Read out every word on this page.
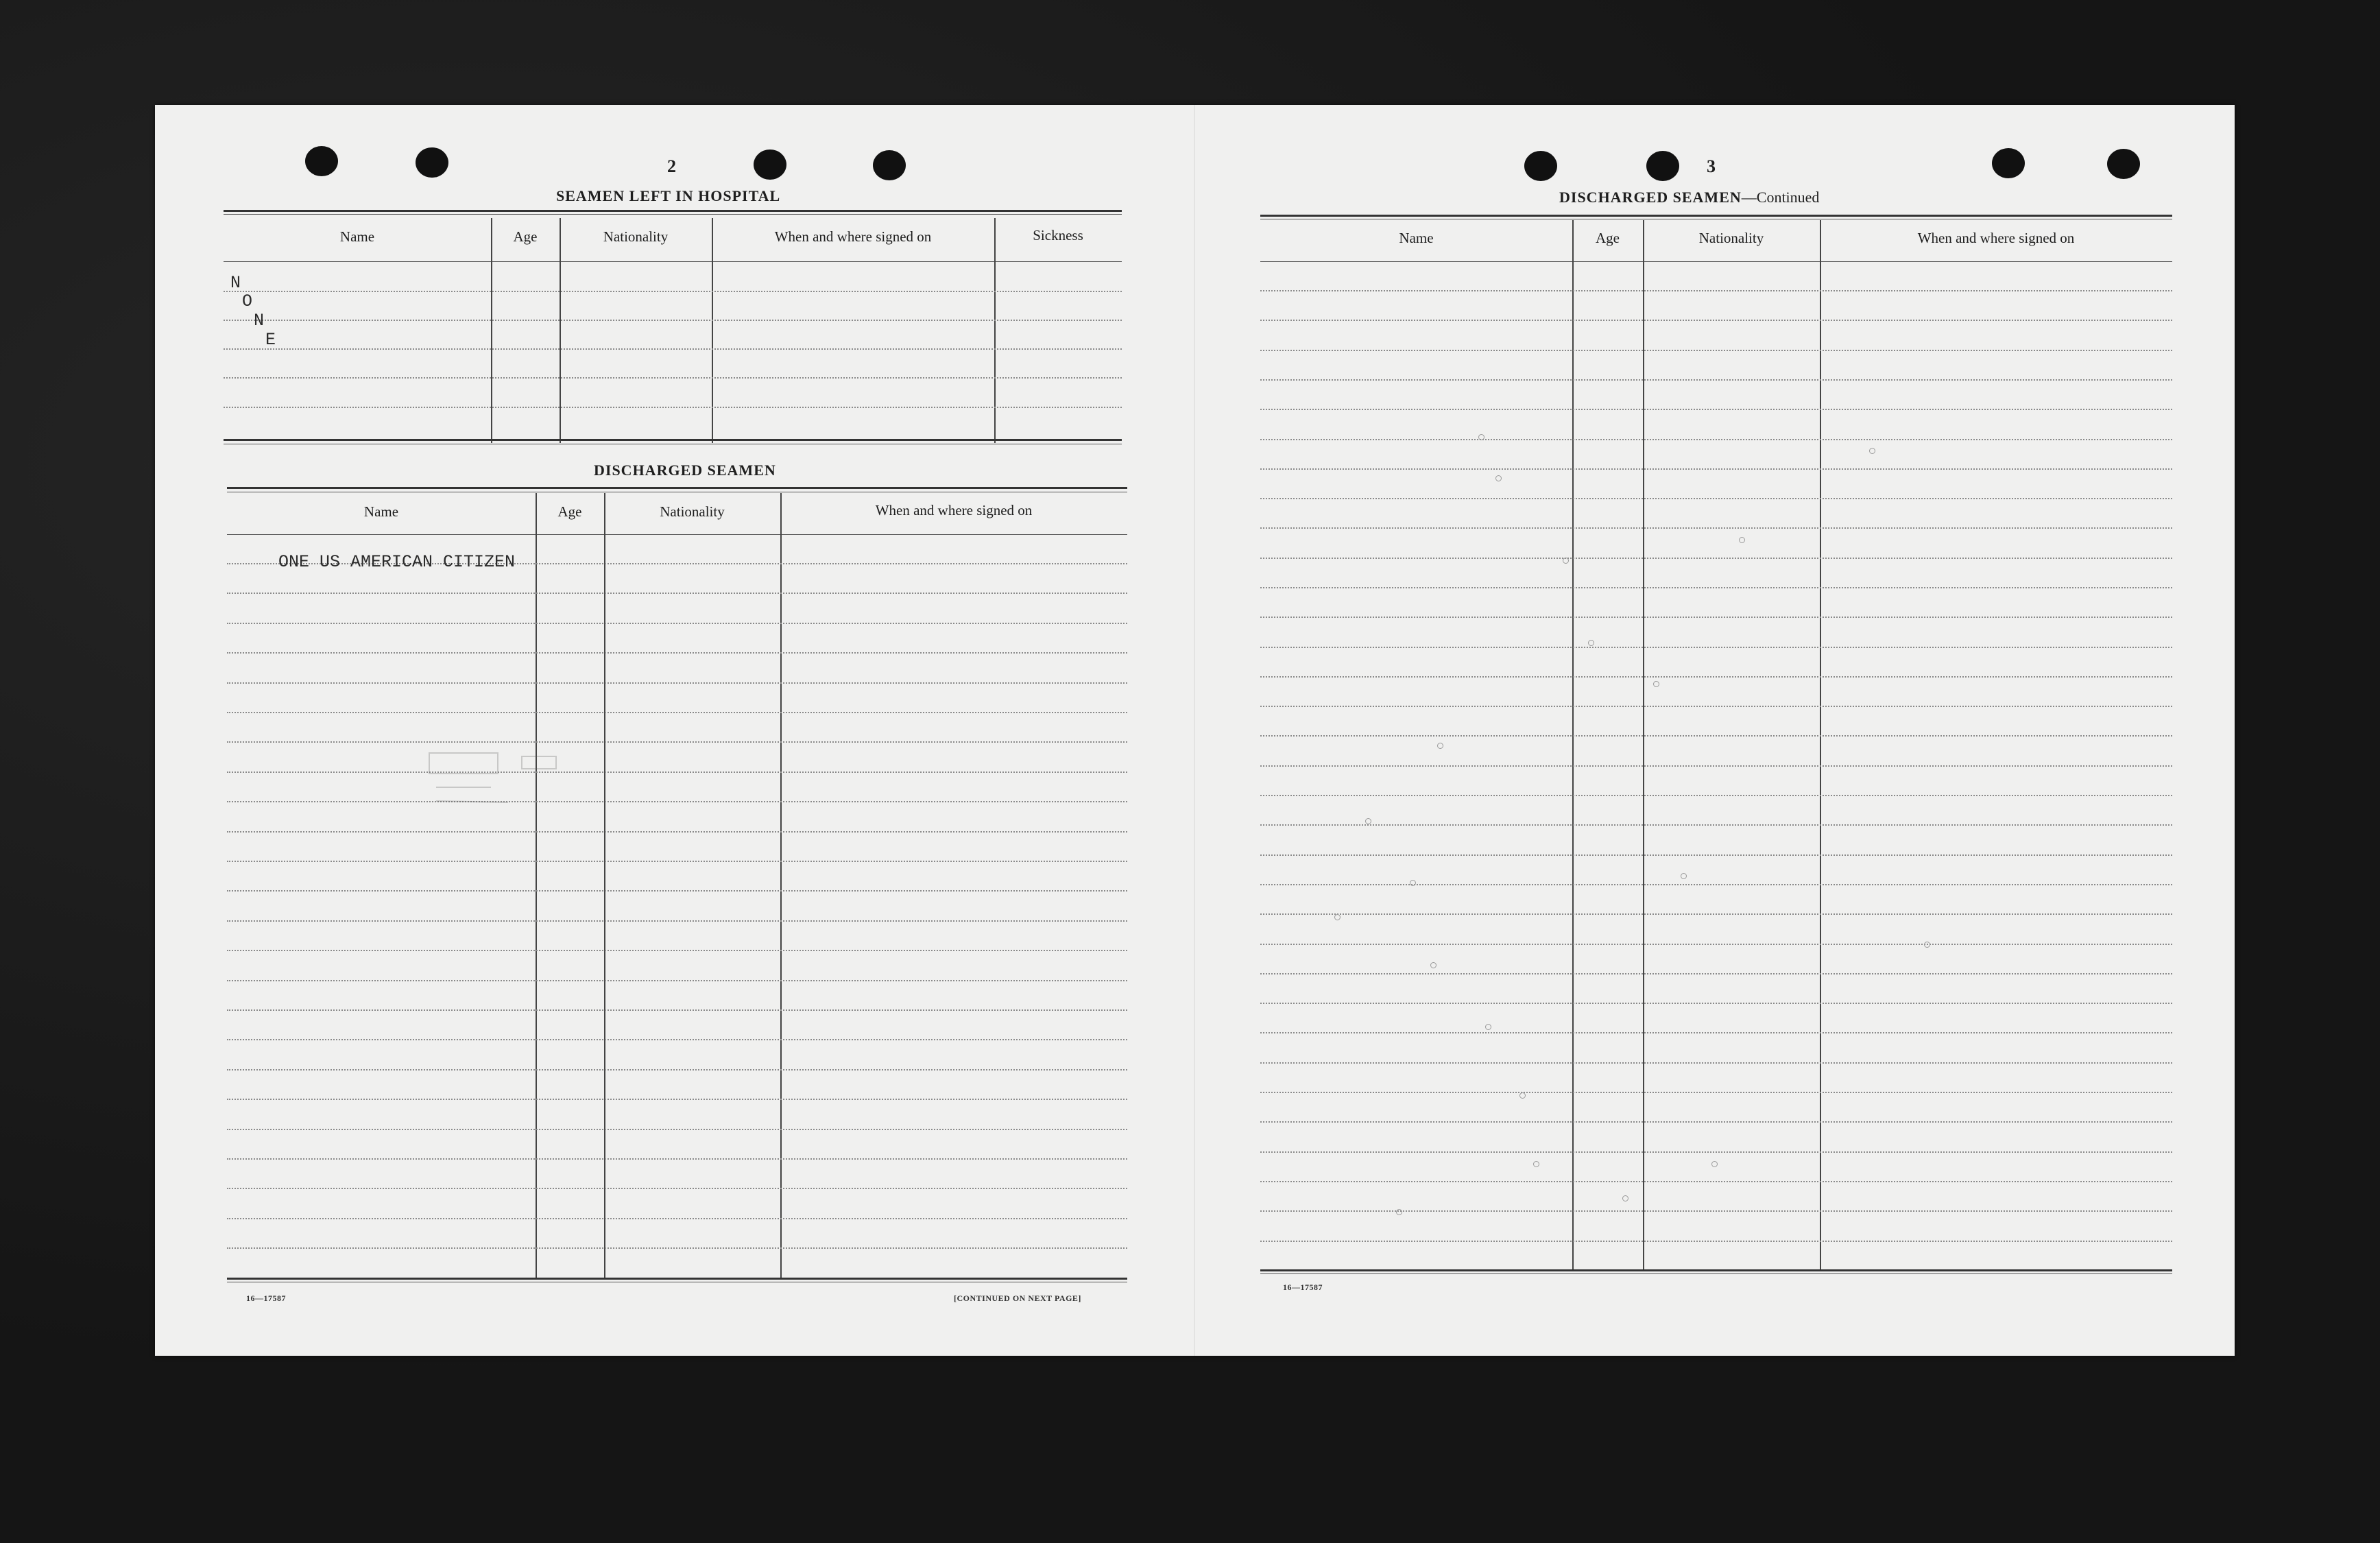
2
SEAMEN LEFT IN HOSPITAL
Name	Age	Nationality	When and where signed on	Sickness
N
O
N
E
DISCHARGED SEAMEN
Name	Age	Nationality	When and where signed on
ONE US AMERICAN CITIZEN
16—17587	[CONTINUED ON NEXT PAGE]
3
DISCHARGED SEAMEN—Continued
Name	Age	Nationality	When and where signed on
16—17587
